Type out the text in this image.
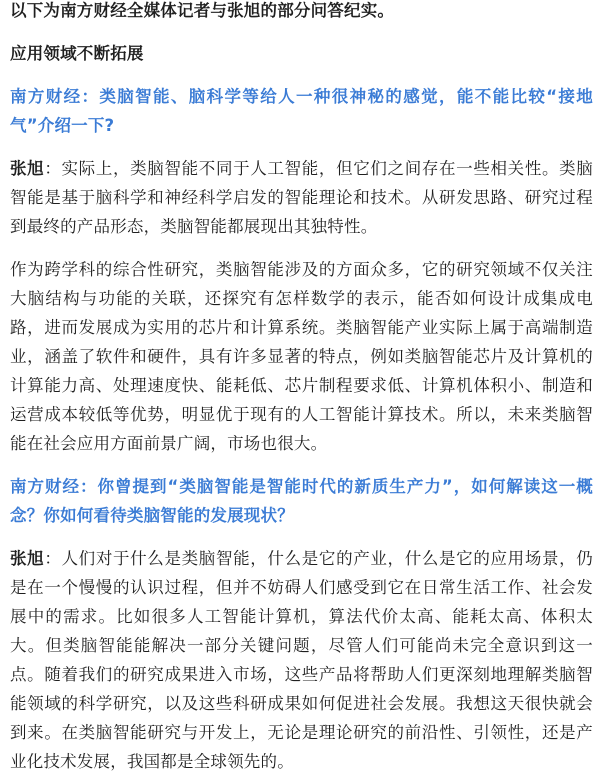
以下为南方财经全媒体记者与张旭的部分问答纪实。

应用领域不断拓展

南方财经：类脑智能、脑科学等给人一种很神秘的感觉，能不能比较“接地气”介绍一下?

张旭：实际上，类脑智能不同于人工智能，但它们之间存在一些相关性。类脑智能是基于脑科学和神经科学启发的智能理论和技术。从研发思路、研究过程到最终的产品形态，类脑智能都展现出其独特性。

作为跨学科的综合性研究，类脑智能涉及的方面众多，它的研究领域不仅关注大脑结构与功能的关联，还探究有怎样数学的表示，能否如何设计成集成电路，进而发展成为实用的芯片和计算系统。类脑智能产业实际上属于高端制造业，涵盖了软件和硬件，具有许多显著的特点，例如类脑智能芯片及计算机的计算能力高、处理速度快、能耗低、芯片制程要求低、计算机体积小、制造和运营成本较低等优势，明显优于现有的人工智能计算技术。所以，未来类脑智能在社会应用方面前景广阔，市场也很大。

南方财经：你曾提到“类脑智能是智能时代的新质生产力”，如何解读这一概念？你如何看待类脑智能的发展现状？

张旭：人们对于什么是类脑智能，什么是它的产业，什么是它的应用场景，仍是在一个慢慢的认识过程，但并不妨碍人们感受到它在日常生活工作、社会发展中的需求。比如很多人工智能计算机，算法代价太高、能耗太高、体积太大。但类脑智能能解决一部分关键问题，尽管人们可能尚未完全意识到这一点。随着我们的研究成果进入市场，这些产品将帮助人们更深刻地理解类脑智能领域的科学研究，以及这些科研成果如何促进社会发展。我想这天很快就会到来。在类脑智能研究与开发上，无论是理论研究的前沿性、引领性，还是产业化技术发展，我国都是全球领先的。
